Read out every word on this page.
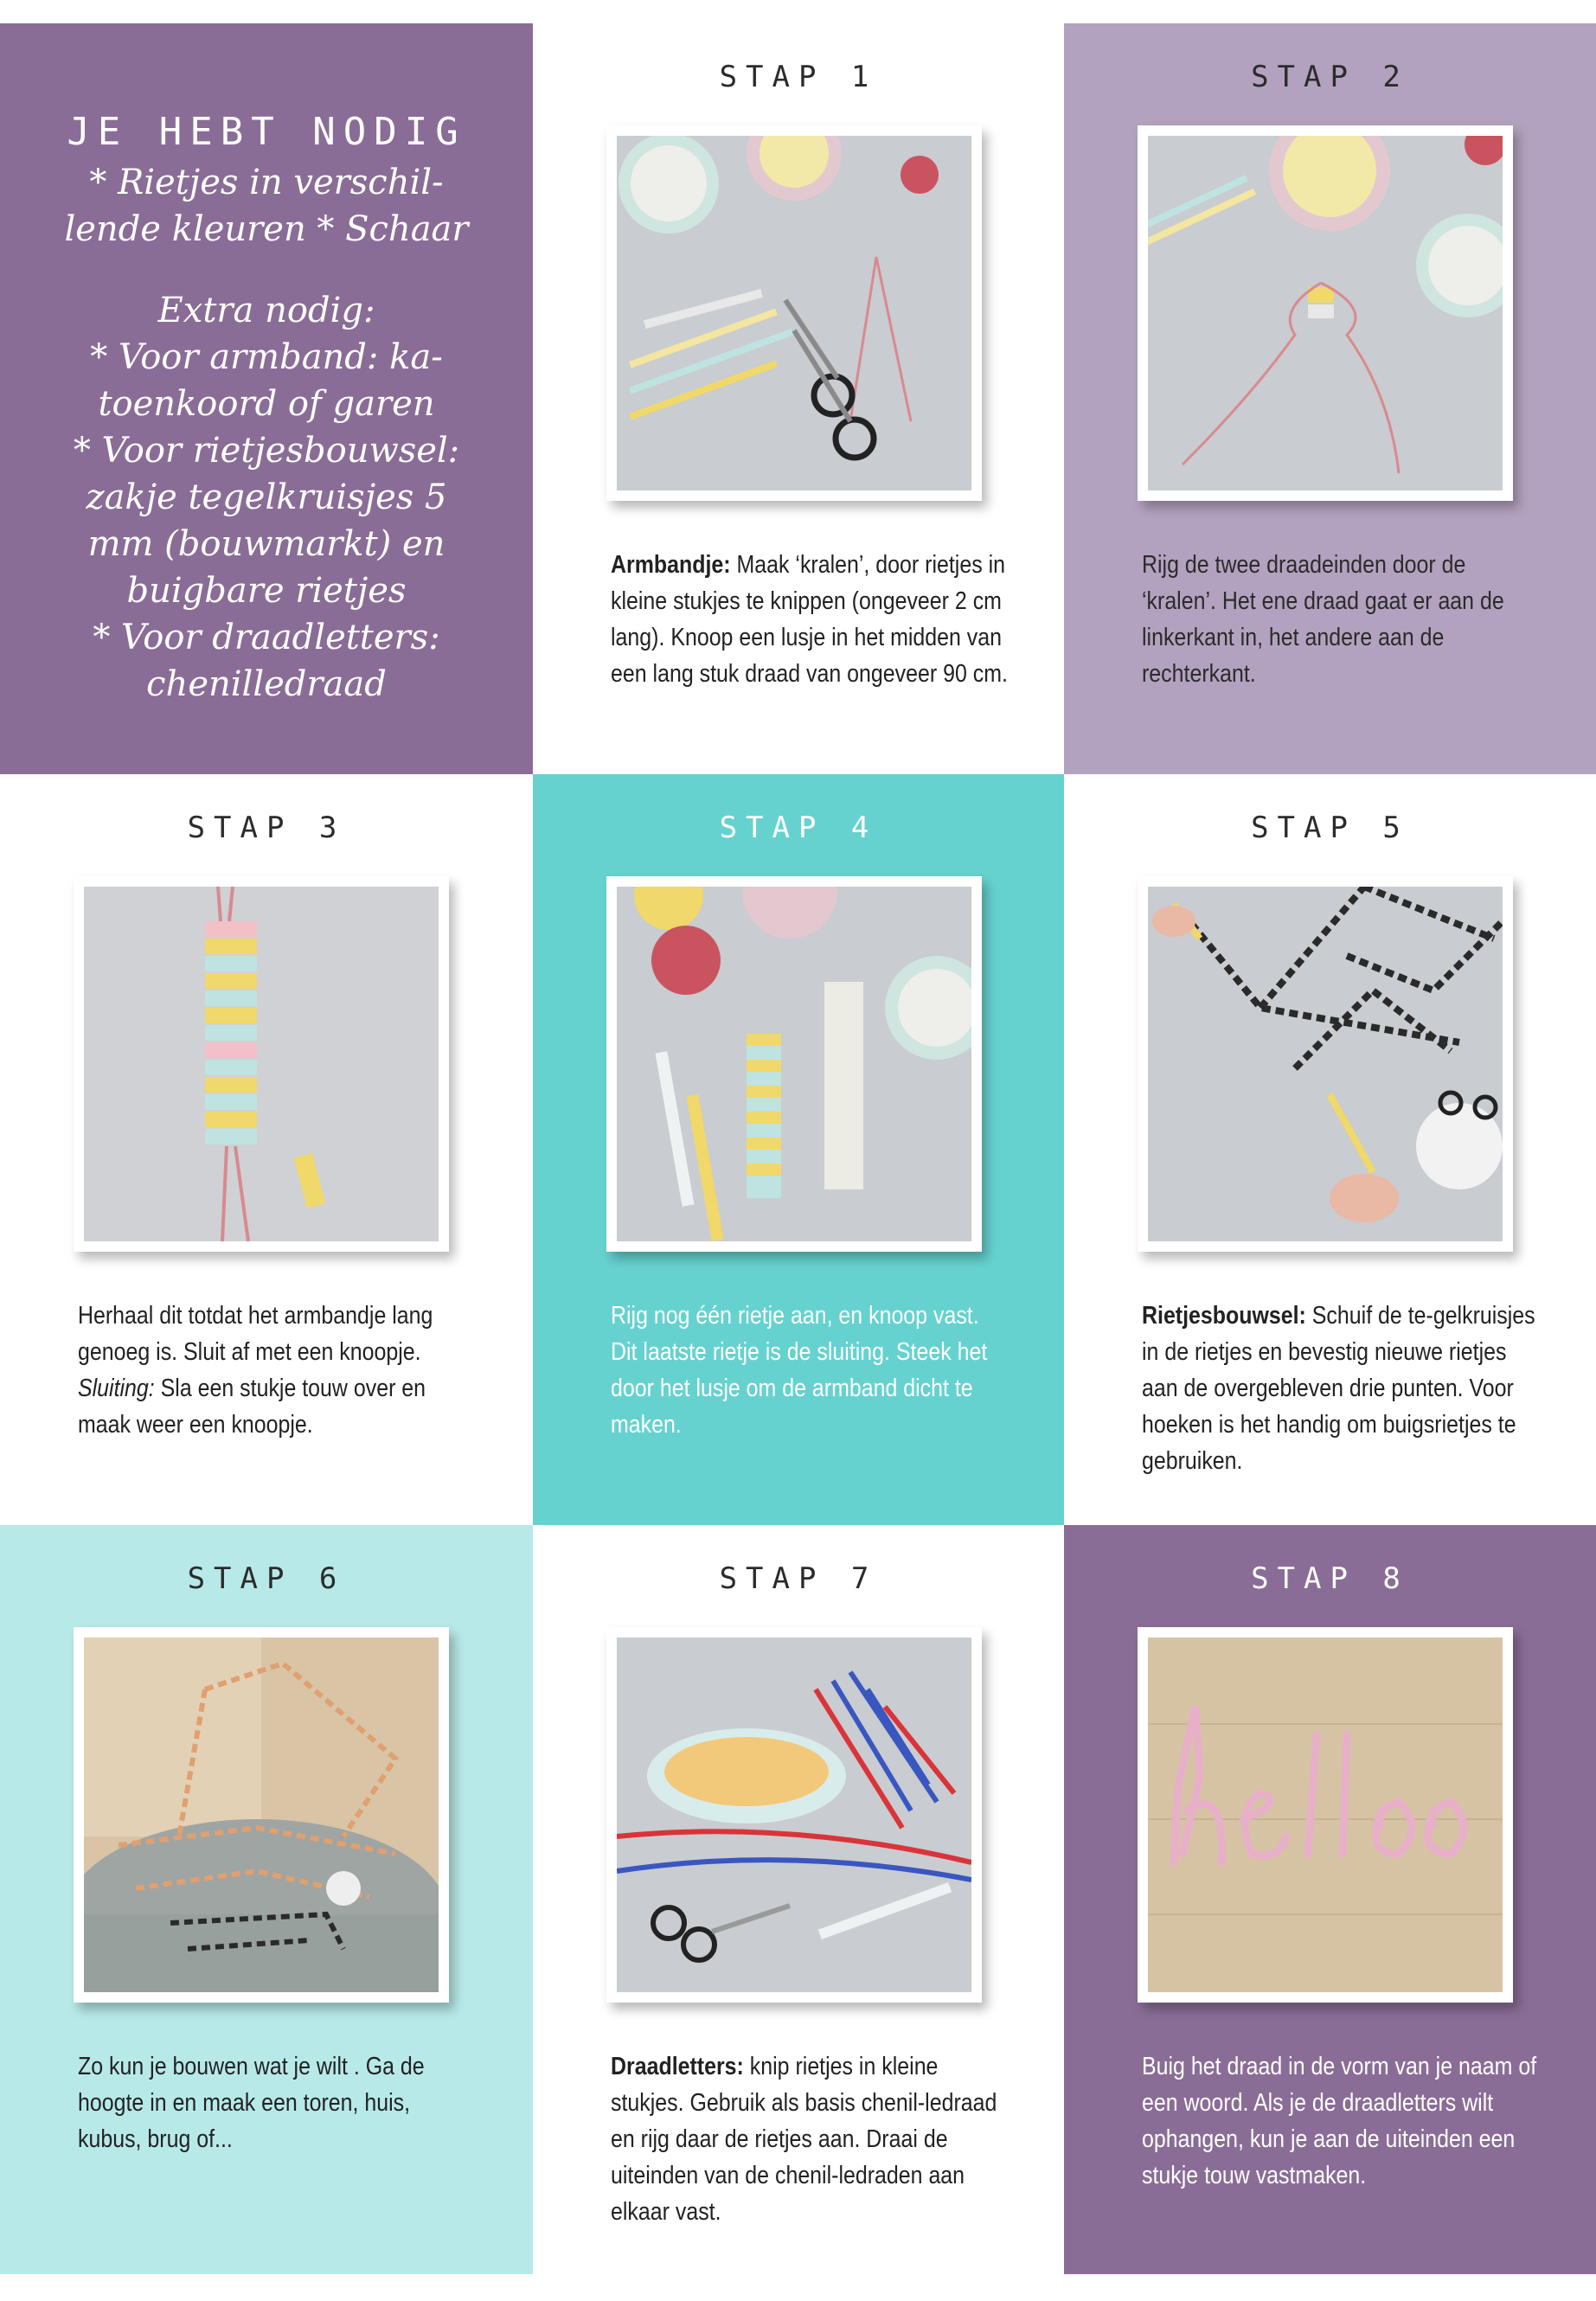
JE HEBT NODIG
* Rietjes in verschil-
lende kleuren * Schaar
Extra nodig:
* Voor armband: ka-
toenkoord of garen
* Voor rietjesbouwsel:
zakje tegelkruisjes 5
mm (bouwmarkt) en
buigbare rietjes
* Voor draadletters:
chenilledraad
STAP 1
Armbandje: Maak ‘kralen’, door rietjes in kleine stukjes te knippen (ongeveer 2 cm lang). Knoop een lusje in het midden van een lang stuk draad van ongeveer 90 cm.
STAP 2
Rijg de twee draadeinden door de ‘kralen’. Het ene draad gaat er aan de linkerkant in, het andere aan de rechterkant.
STAP 3
Herhaal dit totdat het armbandje lang genoeg is. Sluit af met een knoopje.
Sluiting: Sla een stukje touw over en maak weer een knoopje.
STAP 4
Rijg nog één rietje aan, en knoop vast. Dit laatste rietje is de sluiting. Steek het door het lusje om de armband dicht te maken.
STAP 5
Rietjesbouwsel: Schuif de te-gelkruisjes in de rietjes en bevestig nieuwe rietjes aan de overgebleven drie punten. Voor hoeken is het handig om buigsrietjes te gebruiken.
STAP 6
Zo kun je bouwen wat je wilt . Ga de hoogte in en maak een toren, huis, kubus, brug of...
STAP 7
Draadletters: knip rietjes in kleine stukjes. Gebruik als basis chenil-ledraad en rijg daar de rietjes aan. Draai de uiteinden van de chenil-ledraden aan elkaar vast.
STAP 8
Buig het draad in de vorm van je naam of een woord. Als je de draadletters wilt ophangen, kun je aan de uiteinden een stukje touw vastmaken.
